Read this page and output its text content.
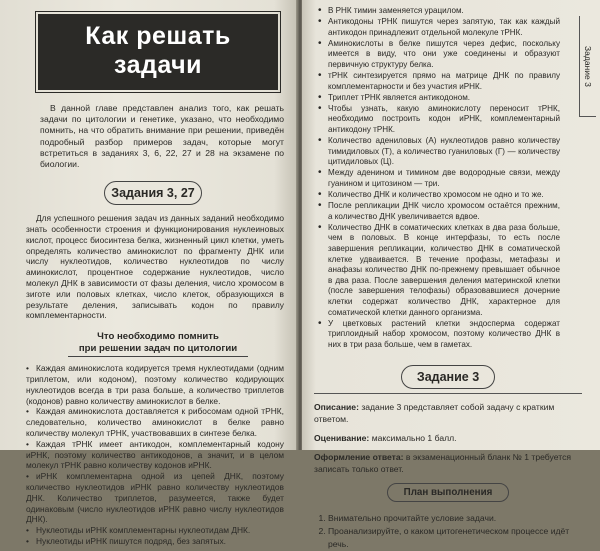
Как решать задачи

В данной главе представлен анализ того, как решать задачи по цитологии и генетике, указано, что необходимо помнить, на что обратить внимание при решении, приведён подробный разбор примеров задач, которые могут встретиться в заданиях 3, 6, 22, 27 и 28 на экзамене по биологии.

Задания 3, 27

Для успешного решения задач из данных заданий необходимо знать особенности строения и функционирования нуклеиновых кислот, процесс биосинтеза белка, жизненный цикл клетки, уметь определять количество аминокислот по фрагменту ДНК или числу нуклеотидов, количество нуклеотидов по числу аминокислот, процентное содержание нуклеотидов, число молекул ДНК в зависимости от фазы деления, число хромосом в зиготе или половых клетках, число клеток, образующихся в результате деления, записывать кодон по правилу комплементарности.

Что необходимо помнить
при решении задач по цитологии
• Каждая аминокислота кодируется тремя нуклеотидами (одним триплетом, или кодоном), поэтому количество кодирующих нуклеотидов всегда в три раза больше, а количество триплетов (кодонов) равно количеству аминокислот в белке.
• Каждая аминокислота доставляется к рибосомам одной тРНК, следовательно, количество аминокислот в белке равно количеству молекул тРНК, участвовавших в синтезе белка.
• Каждая тРНК имеет антикодон, комплементарный кодону иРНК, поэтому количество антикодонов, а значит, и в целом молекул тРНК равно количеству кодонов иРНК.
• иРНК комплементарна одной из цепей ДНК, поэтому количество нуклеотидов иРНК равно количеству нуклеотидов ДНК. Количество триплетов, разумеется, также будет одинаковым (число нуклеотидов иРНК равно числу нуклеотидов ДНК).
• Нуклеотиды иРНК комплементарны нуклеотидам ДНК.
• Нуклеотиды иРНК пишутся подряд, без запятых.
Задание 3
• В РНК тимин заменяется урацилом.
• Антикодоны тРНК пишутся через запятую, так как каждый антикодон принадлежит отдельной молекуле тРНК.
• Аминокислоты в белке пишутся через дефис, поскольку имеется в виду, что они уже соединены и образуют первичную структуру белка.
• тРНК синтезируется прямо на матрице ДНК по правилу комплементарности и без участия иРНК.
• Триплет тРНК является антикодоном.
• Чтобы узнать, какую аминокислоту переносит тРНК, необходимо построить кодон иРНК, комплементарный антикодону тРНК.
• Количество адениловых (А) нуклеотидов равно количеству тимидиловых (Т), а количество гуаниловых (Г) — количеству цитидиловых (Ц).
• Между аденином и тимином две водородные связи, между гуанином и цитозином — три.
• Количество ДНК и количество хромосом не одно и то же.
• После репликации ДНК число хромосом остаётся прежним, а количество ДНК увеличивается вдвое.
• Количество ДНК в соматических клетках в два раза больше, чем в половых. В конце интерфазы, то есть после завершения репликации, количество ДНК в соматической клетке удваивается. В течение профазы, метафазы и анафазы количество ДНК по-прежнему превышает обычное в два раза. После завершения деления материнской клетки (после завершения телофазы) образовавшиеся дочерние клетки содержат количество ДНК, характерное для соматической клетки данного организма.
• У цветковых растений клетки эндосперма содержат триплоидный набор хромосом, поэтому количество ДНК в них в три раза больше, чем в гаметах.
Задание 3
Описание: задание 3 представляет собой задачу с кратким ответом.
Оценивание: максимально 1 балл.
Оформление ответа: в экзаменационный бланк № 1 требуется записать только ответ.
План выполнения
1. Внимательно прочитайте условие задачи.
2. Проанализируйте, о каком цитогенетическом процессе идёт речь.
